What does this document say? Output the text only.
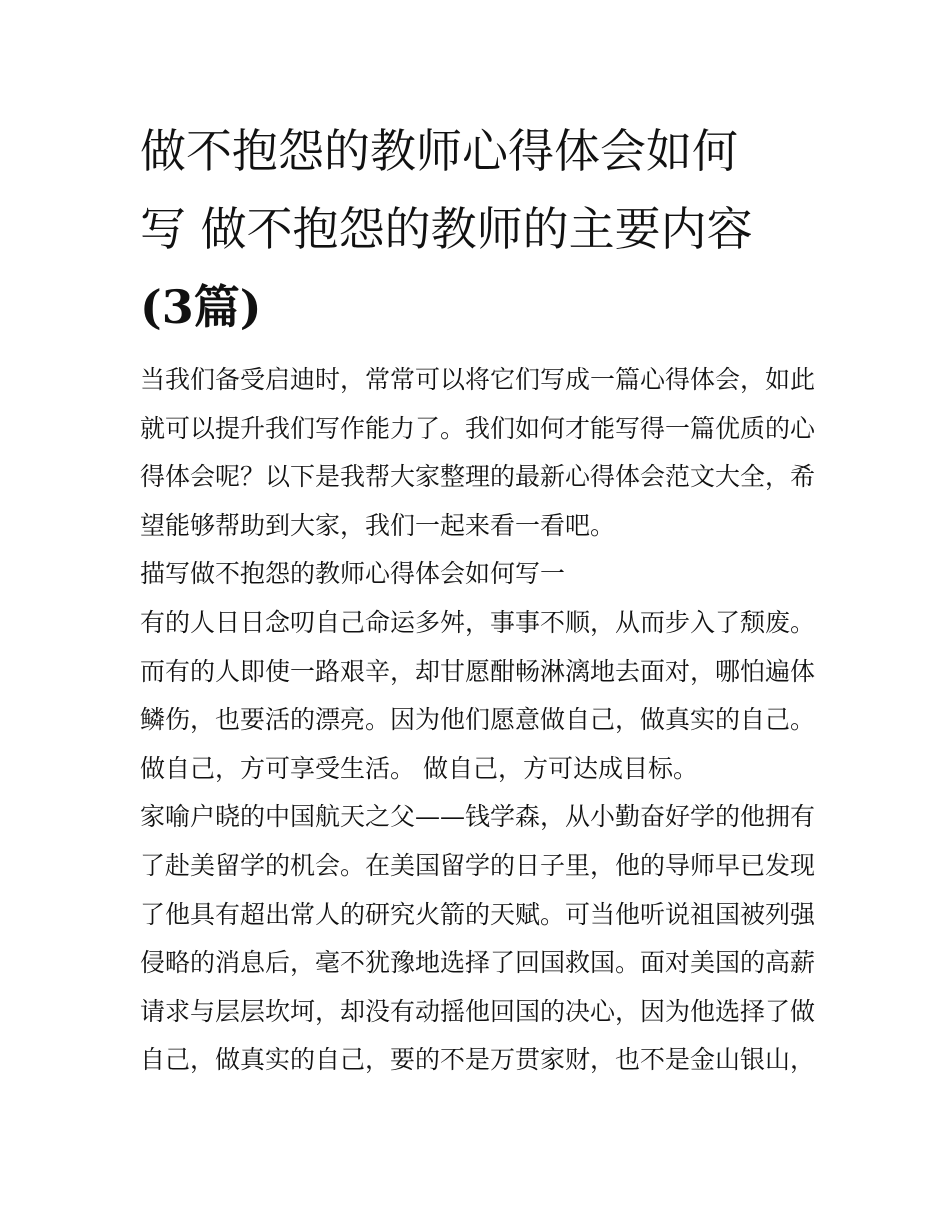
做不抱怨的教师心得体会如何
写 做不抱怨的教师的主要内容
(3篇)
当我们备受启迪时，常常可以将它们写成一篇心得体会，如此
就可以提升我们写作能力了。我们如何才能写得一篇优质的心
得体会呢？以下是我帮大家整理的最新心得体会范文大全，希
望能够帮助到大家，我们一起来看一看吧。
描写做不抱怨的教师心得体会如何写一
有的人日日念叨自己命运多舛，事事不顺，从而步入了颓废。
而有的人即使一路艰辛，却甘愿酣畅淋漓地去面对，哪怕遍体
鳞伤，也要活的漂亮。因为他们愿意做自己，做真实的自己。
做自己，方可享受生活。 做自己，方可达成目标。
家喻户晓的中国航天之父——钱学森，从小勤奋好学的他拥有
了赴美留学的机会。在美国留学的日子里，他的导师早已发现
了他具有超出常人的研究火箭的天赋。可当他听说祖国被列强
侵略的消息后，毫不犹豫地选择了回国救国。面对美国的高薪
请求与层层坎坷，却没有动摇他回国的决心，因为他选择了做
自己，做真实的自己，要的不是万贯家财，也不是金山银山，
